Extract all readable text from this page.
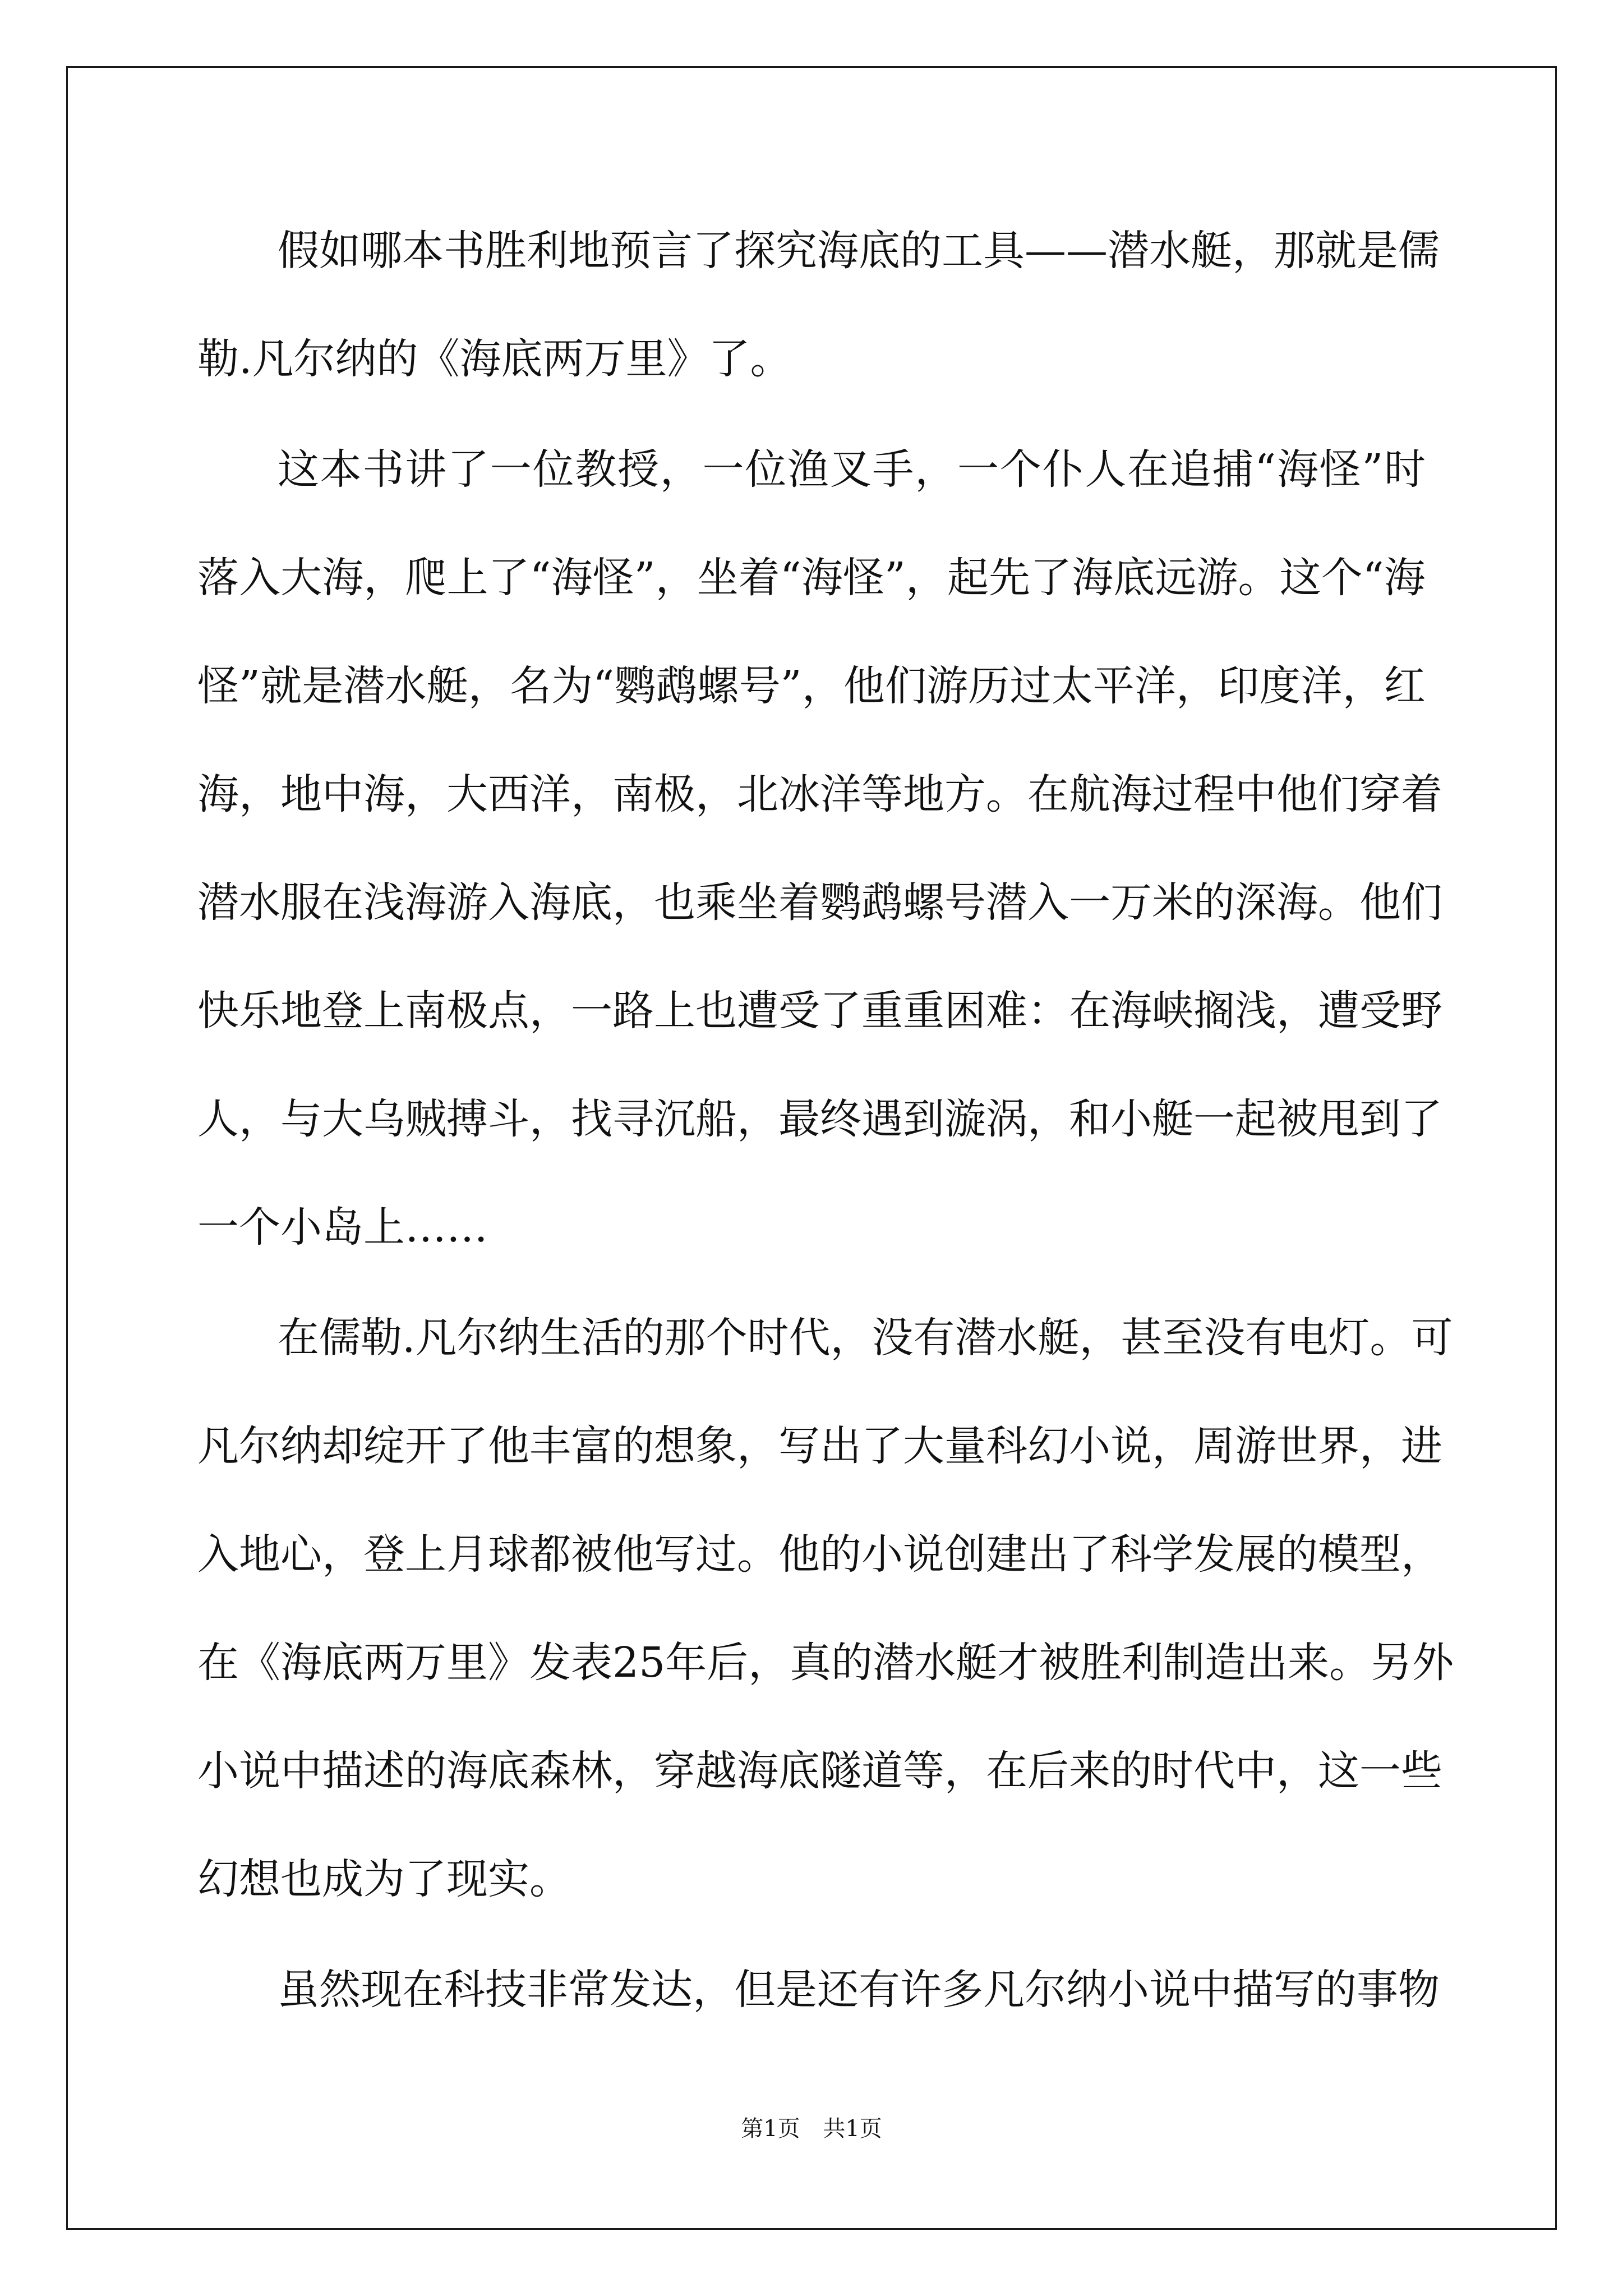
假 如 哪 本 书 胜 利 地 预 言 了 探 究 海 底 的 工 具 — — 潜 水 艇 ， 那 就 是 儒
勒.凡尔纳的《海底两万里》了。
这 本 书 讲 了 一 位 教 授 ， 一 位 渔 叉 手 ， 一 个 仆 人 在 追 捕 “ 海 怪 ” 时
落 入 大 海 ， 爬 上 了 “ 海 怪 ” ， 坐 着 “ 海 怪 ” ， 起 先 了 海 底 远 游 。 这 个 “ 海
怪 ” 就 是 潜 水 艇 ， 名 为 “ 鹦 鹉 螺 号 ” ， 他 们 游 历 过 太 平 洋 ， 印 度 洋 ， 红
海 ， 地 中 海 ， 大 西 洋 ， 南 极 ， 北 冰 洋 等 地 方 。 在 航 海 过 程 中 他 们 穿 着
潜 水 服 在 浅 海 游 入 海 底 ， 也 乘 坐 着 鹦 鹉 螺 号 潜 入 一 万 米 的 深 海 。 他 们
快 乐 地 登 上 南 极 点 ， 一 路 上 也 遭 受 了 重 重 困 难 ： 在 海 峡 搁 浅 ， 遭 受 野
人 ， 与 大 乌 贼 搏 斗 ， 找 寻 沉 船 ， 最 终 遇 到 漩 涡 ， 和 小 艇 一 起 被 甩 到 了
一个小岛上……
在 儒 勒 . 凡 尔 纳 生 活 的 那 个 时 代 ， 没 有 潜 水 艇 ， 甚 至 没 有 电 灯 。 可
凡 尔 纳 却 绽 开 了 他 丰 富 的 想 象 ， 写 出 了 大 量 科 幻 小 说 ， 周 游 世 界 ， 进
入 地 心 ， 登 上 月 球 都 被 他 写 过 。 他 的 小 说 创 建 出 了 科 学 发 展 的 模 型 ，
在 《 海 底 两 万 里 》 发 表 25 年 后 ， 真 的 潜 水 艇 才 被 胜 利 制 造 出 来 。 另 外
小 说 中 描 述 的 海 底 森 林 ， 穿 越 海 底 隧 道 等 ， 在 后 来 的 时 代 中 ， 这 一 些
幻想也成为了现实。
虽 然 现 在 科 技 非 常 发 达 ， 但 是 还 有 许 多 凡 尔 纳 小 说 中 描 写 的 事 物
第1页 共1页
